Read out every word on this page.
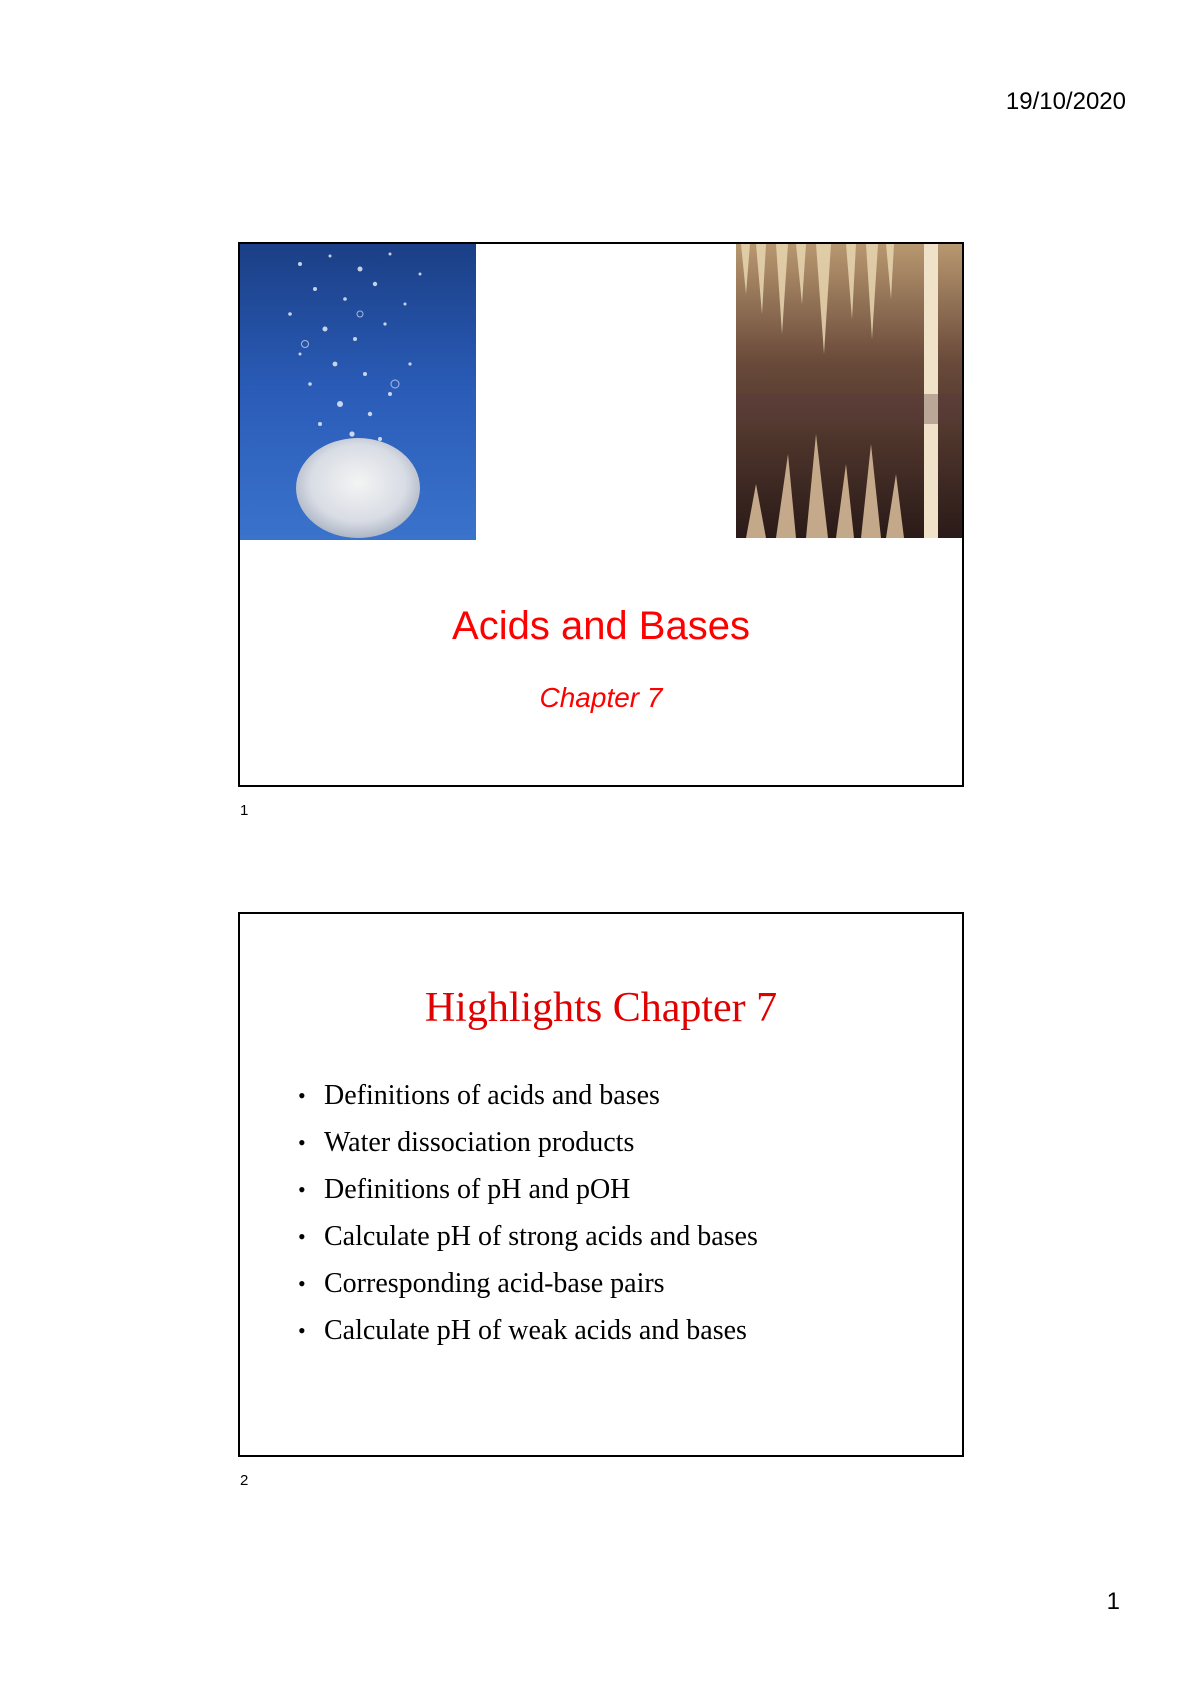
19/10/2020
Acids and Bases
Chapter 7
1
Highlights Chapter 7
• Definitions of acids and bases
• Water dissociation products
• Definitions of pH and pOH
• Calculate pH of strong acids and bases
• Corresponding acid-base pairs
• Calculate pH of weak acids and bases
2
1
